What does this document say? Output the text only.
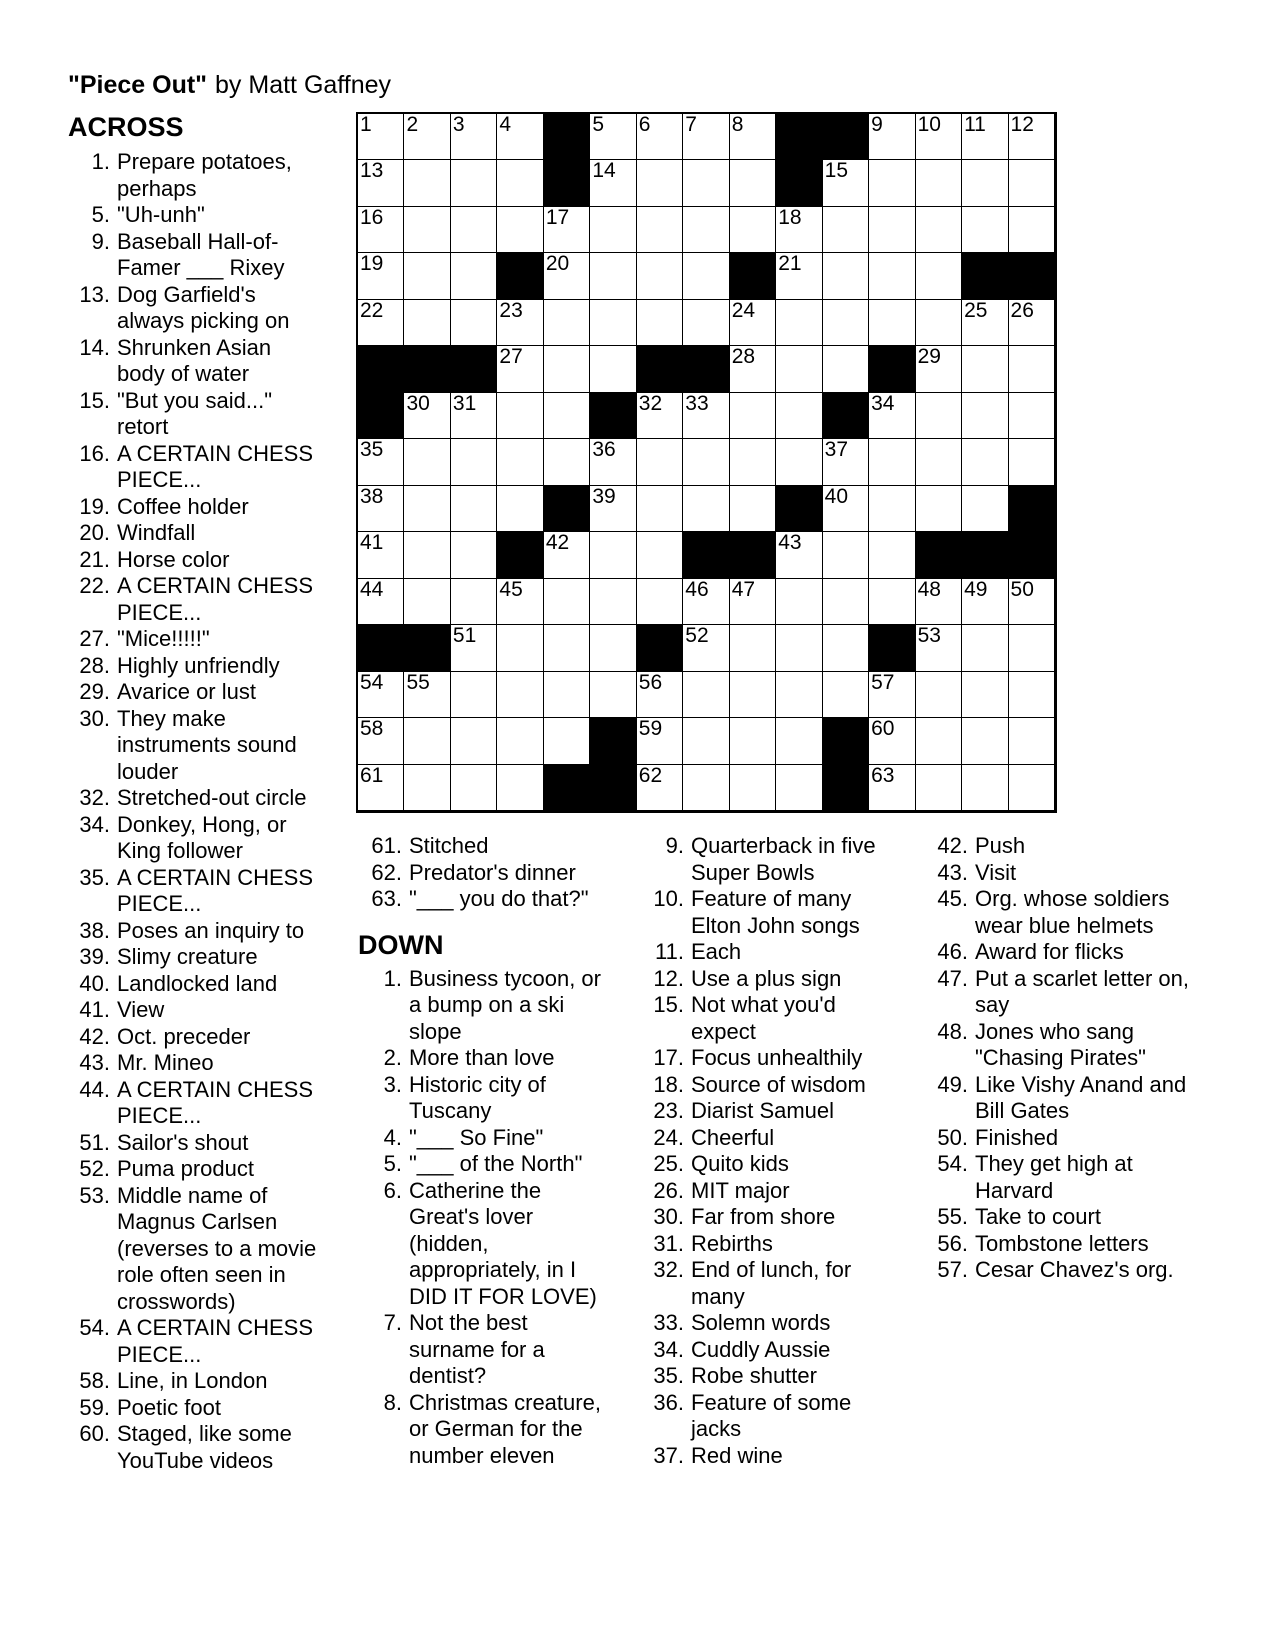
"Piece Out" by Matt Gaffney
ACROSS
1. Prepare potatoes, perhaps
5. "Uh-unh"
9. Baseball Hall-of-Famer ___ Rixey
13. Dog Garfield's always picking on
14. Shrunken Asian body of water
15. "But you said..." retort
16. A CERTAIN CHESS PIECE...
19. Coffee holder
20. Windfall
21. Horse color
22. A CERTAIN CHESS PIECE...
27. "Mice!!!!!"
28. Highly unfriendly
29. Avarice or lust
30. They make instruments sound louder
32. Stretched-out circle
34. Donkey, Hong, or King follower
35. A CERTAIN CHESS PIECE...
38. Poses an inquiry to
39. Slimy creature
40. Landlocked land
41. View
42. Oct. preceder
43. Mr. Mineo
44. A CERTAIN CHESS PIECE...
51. Sailor's shout
52. Puma product
53. Middle name of Magnus Carlsen (reverses to a movie role often seen in crosswords)
54. A CERTAIN CHESS PIECE...
58. Line, in London
59. Poetic foot
60. Staged, like some YouTube videos
1 2 3 4	5 6 7 8	9 10 11 12
13	14	15
16	17	18
19	20	21
22	23	24	25 26
27	28	29
30 31	32 33	34
35	36	37
38	39	40
41	42	43
44	45	46 47	48 49 50
51	52	53
54 55	56	57
58	59	60
61	62	63
61. Stitched
62. Predator's dinner
63. "___ you do that?"
DOWN
1. Business tycoon, or a bump on a ski slope
2. More than love
3. Historic city of Tuscany
4. "___ So Fine"
5. "___ of the North"
6. Catherine the Great's lover (hidden, appropriately, in I DID IT FOR LOVE)
7. Not the best surname for a dentist?
8. Christmas creature, or German for the number eleven
9. Quarterback in five Super Bowls
10. Feature of many Elton John songs
11. Each
12. Use a plus sign
15. Not what you'd expect
17. Focus unhealthily
18. Source of wisdom
23. Diarist Samuel
24. Cheerful
25. Quito kids
26. MIT major
30. Far from shore
31. Rebirths
32. End of lunch, for many
33. Solemn words
34. Cuddly Aussie
35. Robe shutter
36. Feature of some jacks
37. Red wine
42. Push
43. Visit
45. Org. whose soldiers wear blue helmets
46. Award for flicks
47. Put a scarlet letter on, say
48. Jones who sang "Chasing Pirates"
49. Like Vishy Anand and Bill Gates
50. Finished
54. They get high at Harvard
55. Take to court
56. Tombstone letters
57. Cesar Chavez's org.
